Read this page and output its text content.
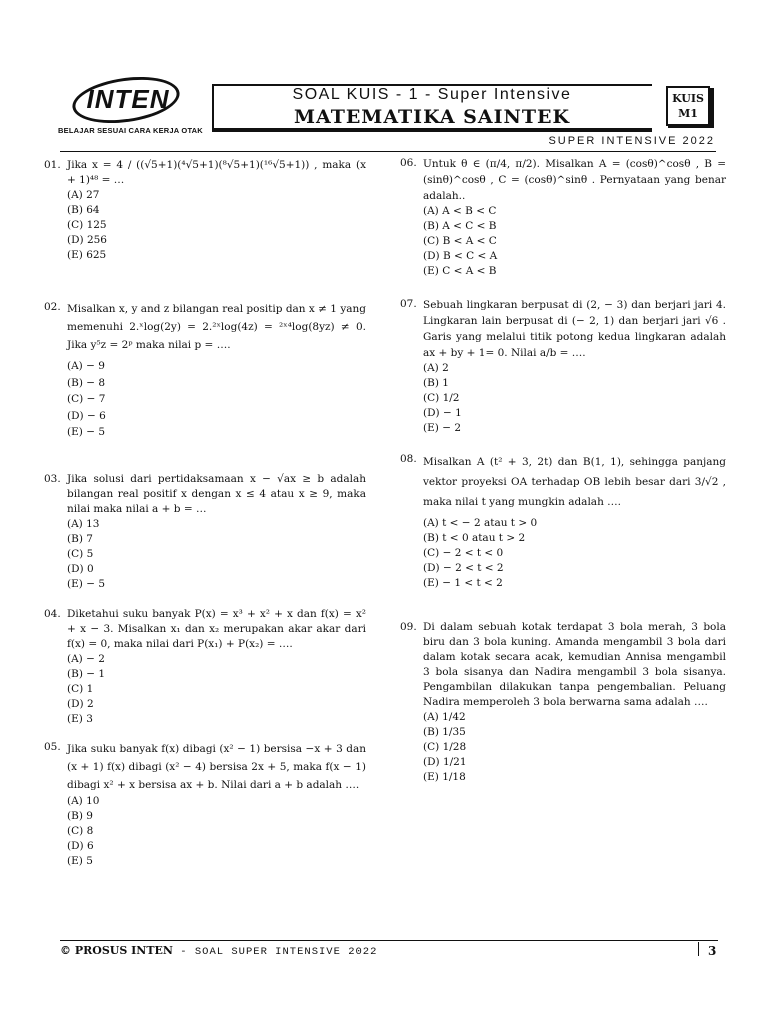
INTEN
BELAJAR SESUAI CARA KERJA OTAK
SOAL KUIS - 1 - Super Intensive
MATEMATIKA SAINTEK
KUIS
M1
SUPER INTENSIVE 2022
01. Jika x = 4 / ((√5+1)(⁴√5+1)(⁸√5+1)(¹⁶√5+1)) , maka (x + 1)⁴⁸ = …
(A) 27
(B) 64
(C) 125
(D) 256
(E) 625
02. Misalkan x, y and z bilangan real positip dan x ≠ 1 yang memenuhi 2.ˣlog(2y) = 2.²ˣlog(4z) = ²ˣ⁴log(8yz) ≠ 0. Jika y⁵z = 2ᵖ maka nilai p = ….
(A) − 9
(B) − 8
(C) − 7
(D) − 6
(E) − 5
03. Jika solusi dari pertidaksamaan x − √ax ≥ b adalah bilangan real positif x dengan x ≤ 4 atau x ≥ 9, maka nilai maka nilai a + b = …
(A) 13
(B) 7
(C) 5
(D) 0
(E) − 5
04. Diketahui suku banyak P(x) = x³ + x² + x dan f(x) = x² + x − 3. Misalkan x₁ dan x₂ merupakan akar akar dari f(x) = 0, maka nilai dari P(x₁) + P(x₂) = ….
(A) − 2
(B) − 1
(C) 1
(D) 2
(E) 3
05. Jika suku banyak f(x) dibagi (x² − 1) bersisa −x + 3 dan (x + 1) f(x) dibagi (x² − 4) bersisa 2x + 5, maka f(x − 1) dibagi x² + x bersisa ax + b. Nilai dari a + b adalah ….
(A) 10
(B) 9
(C) 8
(D) 6
(E) 5
06. Untuk θ ∈ (π/4, π/2). Misalkan A = (cosθ)^cosθ , B = (sinθ)^cosθ , C = (cosθ)^sinθ . Pernyataan yang benar adalah..
(A) A < B < C
(B) A < C < B
(C) B < A < C
(D) B < C < A
(E) C < A < B
07. Sebuah lingkaran berpusat di (2, − 3) dan berjari jari 4. Lingkaran lain berpusat di (− 2, 1) dan berjari jari √6 . Garis yang melalui titik potong kedua lingkaran adalah ax + by + 1= 0. Nilai a/b = ….
(A) 2
(B) 1
(C) 1/2
(D) − 1
(E) − 2
08. Misalkan A (t² + 3, 2t) dan B(1, 1), sehingga panjang vektor proyeksi OA terhadap OB lebih besar dari 3/√2 , maka nilai t yang mungkin adalah ….
(A) t < − 2 atau t > 0
(B) t < 0 atau t > 2
(C) − 2 < t < 0
(D) − 2 < t < 2
(E) − 1 < t < 2
09. Di dalam sebuah kotak terdapat 3 bola merah, 3 bola biru dan 3 bola kuning. Amanda mengambil 3 bola dari dalam kotak secara acak, kemudian Annisa mengambil 3 bola sisanya dan Nadira mengambil 3 bola sisanya. Pengambilan dilakukan tanpa pengembalian. Peluang Nadira memperoleh 3 bola berwarna sama adalah ….
(A) 1/42
(B) 1/35
(C) 1/28
(D) 1/21
(E) 1/18
© PROSUS INTEN - SOAL SUPER INTENSIVE 2022	3
